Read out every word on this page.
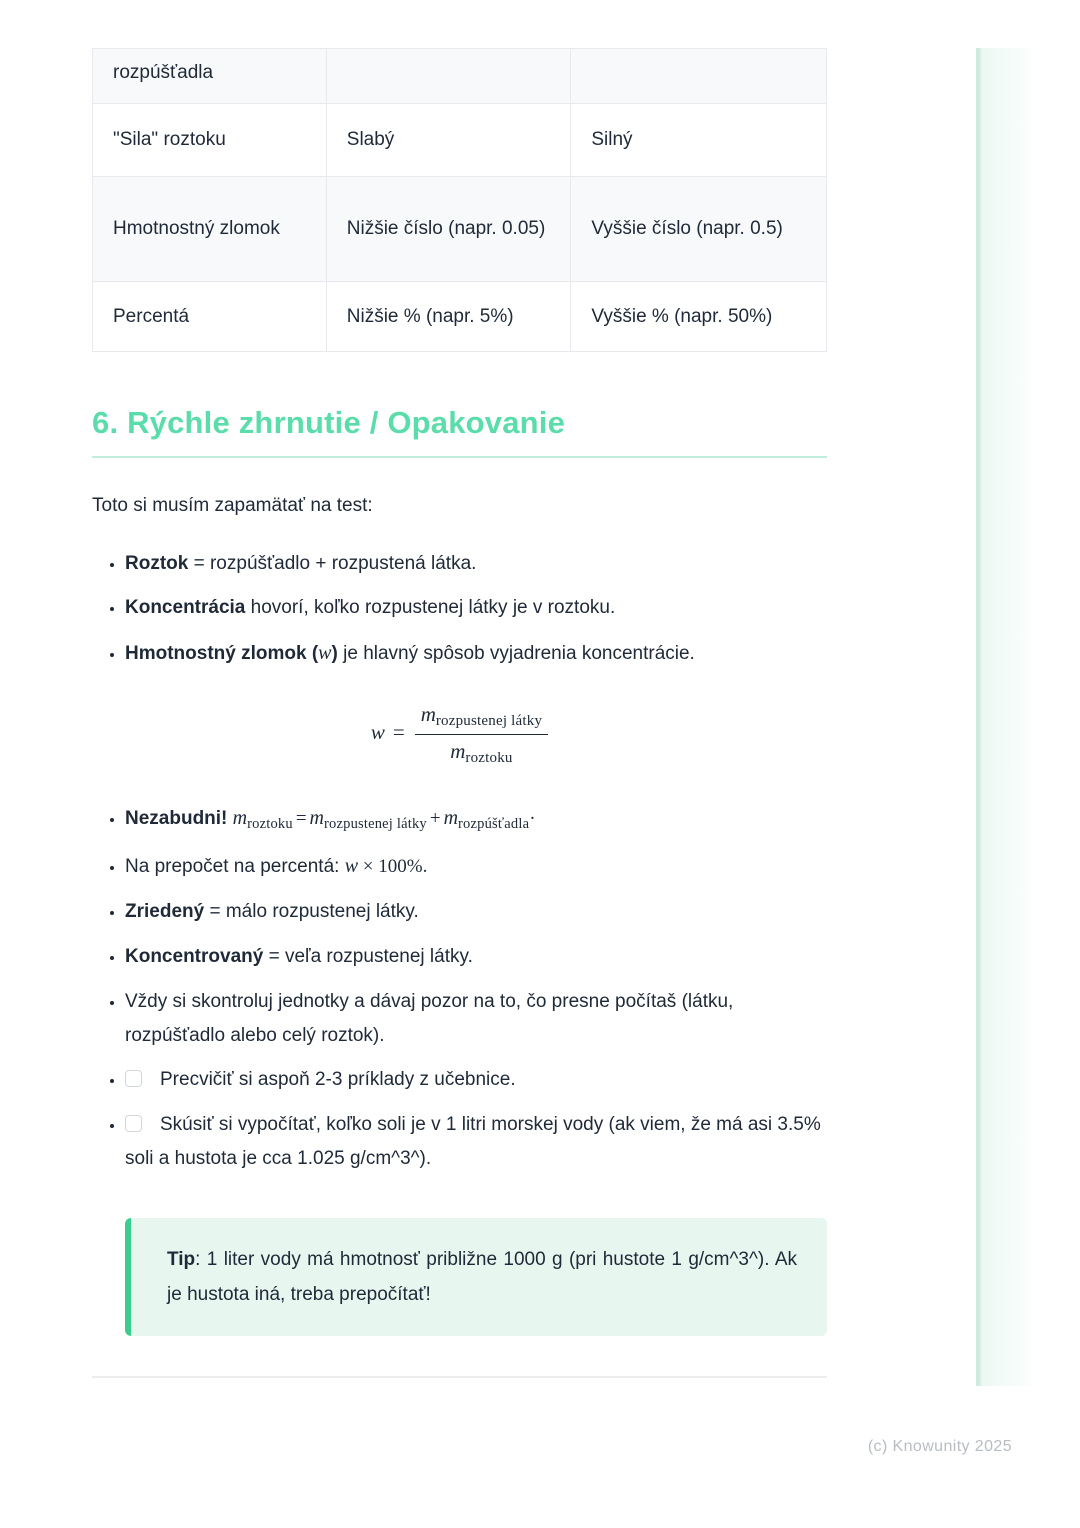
rozpúšťadla		
"Sila" roztoku	Slabý	Silný
Hmotnostný zlomok	Nižšie číslo (napr. 0.05)	Vyššie číslo (napr. 0.5)
Percentá	Nižšie % (napr. 5%)	Vyššie % (napr. 50%)
6. Rýchle zhrnutie / Opakovanie

Toto si musím zapamätať na test:

• Roztok = rozpúšťadlo + rozpustená látka.
• Koncentrácia hovorí, koľko rozpustenej látky je v roztoku.
• Hmotnostný zlomok (w) je hlavný spôsob vyjadrenia koncentrácie.
$w = \frac{\text{mrozpustenej látky}}{\text{mroztoku}}$
• Nezabudni! $m_{roztoku} = m_{rozpustenej látky} + m_{rozpúšťadla}\cdot$
• Na prepočet na percentá: w × 100%.
• Zriedený = málo rozpustenej látky.
• Koncentrovaný = veľa rozpustenej látky.
• Vždy si skontroluj jednotky a dávaj pozor na to, čo presne počítaš (látku, rozpúšťadlo alebo celý roztok).
• Precvičiť si aspoň 2-3 príklady z učebnice.
• Skúsiť si vypočítať, koľko soli je v 1 litri morskej vody (ak viem, že má asi 3.5% soli a hustota je cca 1.025 g/cm^3^).
Tip: 1 liter vody má hmotnosť približne 1000 g (pri hustote 1 g/cm^3^). Ak je hustota iná, treba prepočítať!
(c) Knowunity 2025
